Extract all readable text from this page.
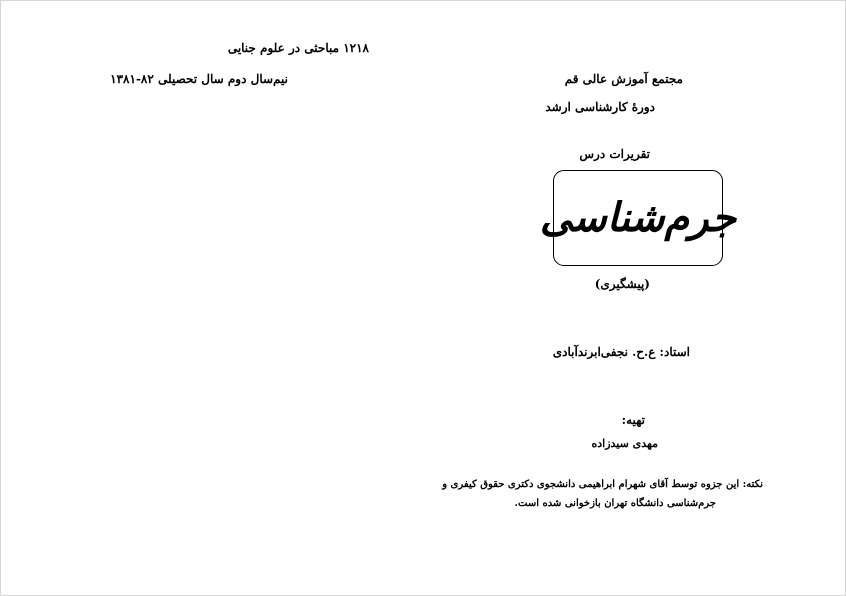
۱۲۱۸ مباحثی در علوم جنایی
نیم‌سال دوم سال تحصیلی ۸۲-۱۳۸۱	مجتمع آموزش عالی قم
دورهٔ کارشناسی ارشد
تقریرات درس
جرم‌شناسی
(پیشگیری)
استاد: ع.ح. نجفی‌ابرندآبادی
تهیه:
مهدی سیدزاده
نکته: این جزوه توسط آقای شهرام ابراهیمی دانشجوی دکتری حقوق کیفری و
جرم‌شناسی دانشگاه تهران بازخوانی شده است.
